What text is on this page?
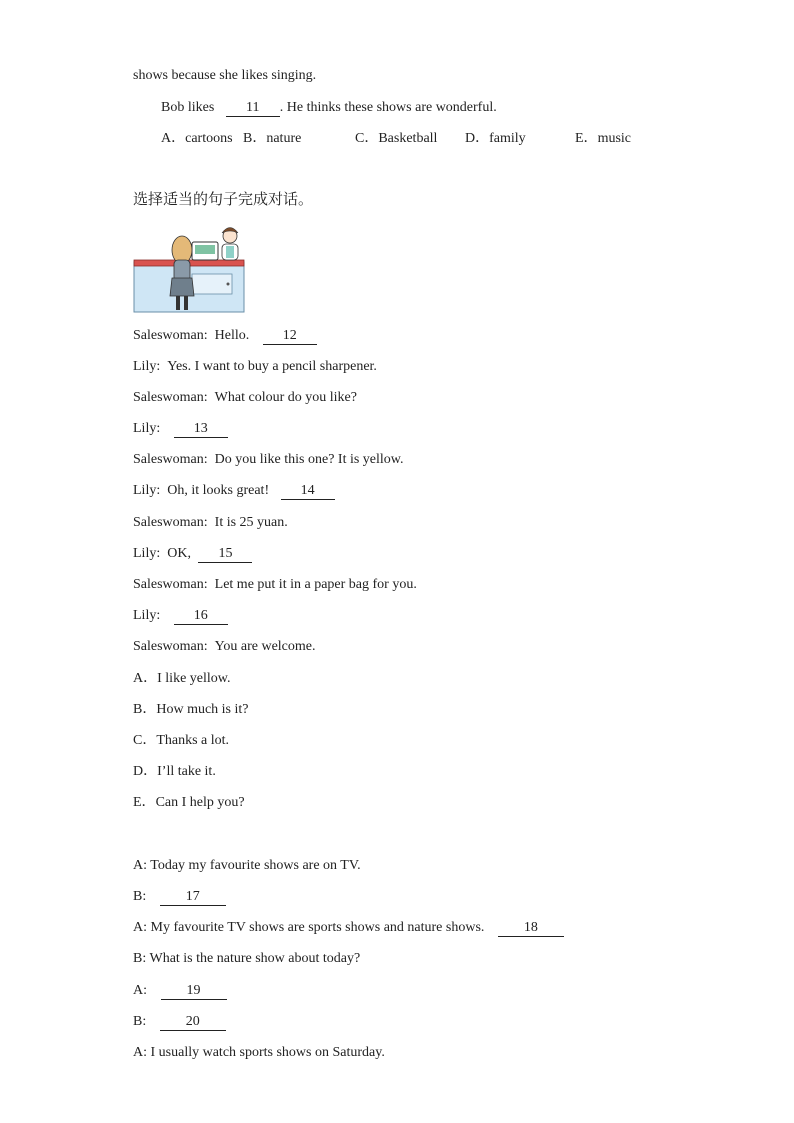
shows because she likes singing.
Bob likes 11 . He thinks these shows are wonderful.
A．cartoons B．nature	C．Basketball D．family	E．music
选择适当的句子完成对话。
Saleswoman: Hello. 12
Lily: Yes. I want to buy a pencil sharpener.
Saleswoman: What colour do you like?
Lily: 13
Saleswoman: Do you like this one? It is yellow.
Lily: Oh, it looks great! 14
Saleswoman: It is 25 yuan.
Lily: OK, 15
Saleswoman: Let me put it in a paper bag for you.
Lily: 16
Saleswoman: You are welcome.
A．I like yellow.
B．How much is it?
C．Thanks a lot.
D．I’ll take it.
E．Can I help you?
A: Today my favourite shows are on TV.
B:	17
A: My favourite TV shows are sports shows and nature shows.	18
B: What is the nature show about today?
A:	19
B:	20
A: I usually watch sports shows on Saturday.
